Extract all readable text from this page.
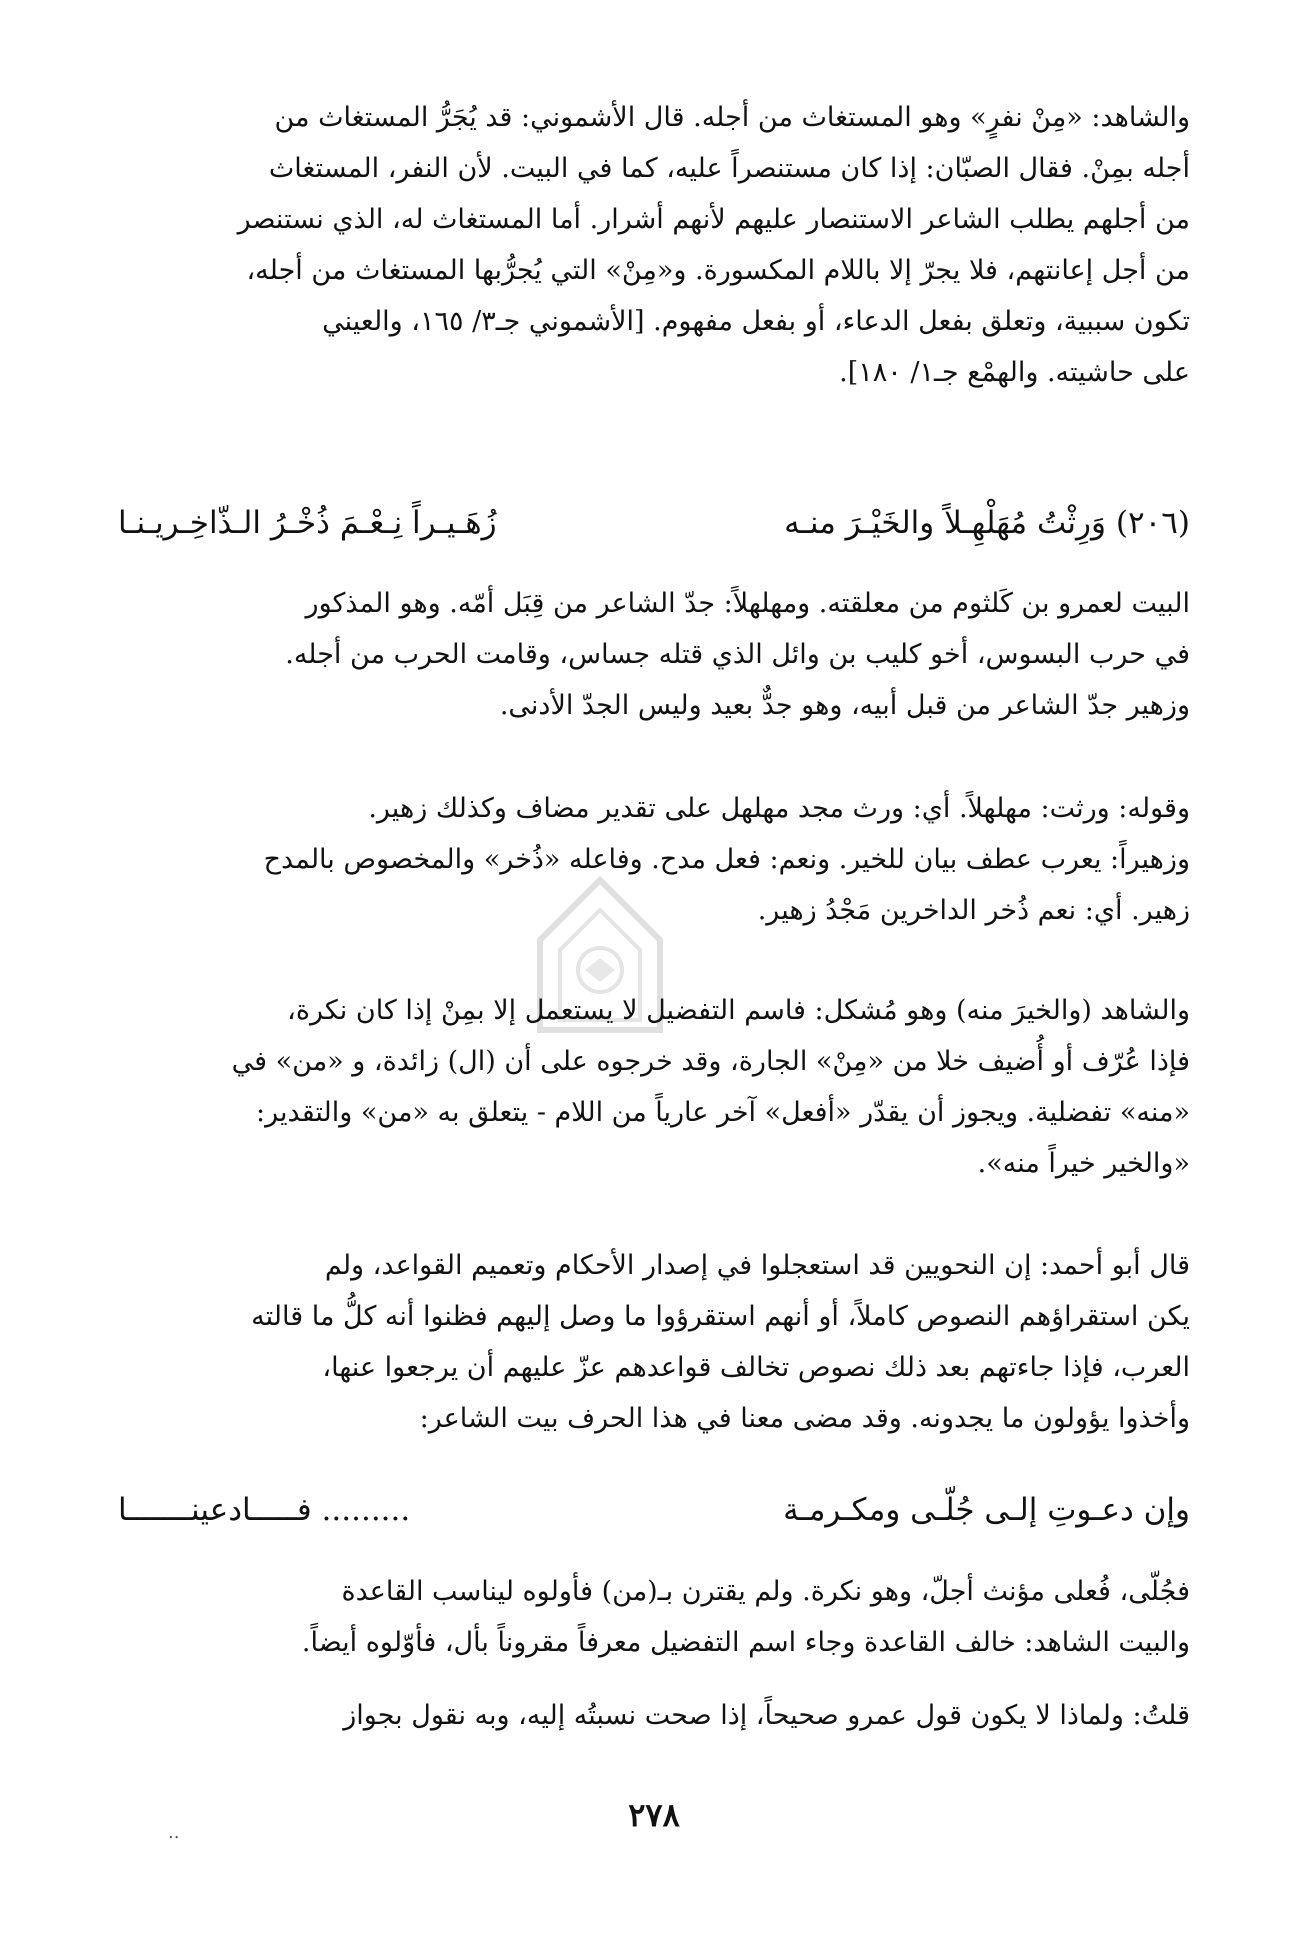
والشاهد: «مِنْ نفرٍ» وهو المستغاث من أجله. قال الأشموني: قد يُجَرُّ المستغاث من

أجله بمِنْ. فقال الصبّان: إذا كان مستنصراً عليه، كما في البيت. لأن النفر، المستغاث

من أجلهم يطلب الشاعر الاستنصار عليهم لأنهم أشرار. أما المستغاث له، الذي نستنصر

من أجل إعانتهم، فلا يجرّ إلا باللام المكسورة. و«مِنْ» التي يُجرُّبها المستغاث من أجله،

تكون سببية، وتعلق بفعل الدعاء، أو بفعل مفهوم. [الأشموني جـ٣/ ١٦٥، والعيني

على حاشيته. والهمْع جـ١/ ١٨٠].

(٢٠٦) وَرِثْتُ مُهَلْهِـلاً والخَيْـرَ منـه
زُهَـيـراً نِـعْـمَ ذُخْـرُ الـذّاخِـريـنـا

البيت لعمرو بن كَلثوم من معلقته. ومهلهلاً: جدّ الشاعر من قِبَل أمّه. وهو المذكور

في حرب البسوس، أخو كليب بن وائل الذي قتله جساس، وقامت الحرب من أجله.

وزهير جدّ الشاعر من قبل أبيه، وهو جدٌّ بعيد وليس الجدّ الأدنى.

وقوله: ورثت: مهلهلاً. أي: ورث مجد مهلهل على تقدير مضاف وكذلك زهير.

وزهيراً: يعرب عطف بيان للخير. ونعم: فعل مدح. وفاعله «ذُخر» والمخصوص بالمدح

زهير. أي: نعم ذُخر الداخرين مَجْدُ زهير.

والشاهد (والخيرَ منه) وهو مُشكل: فاسم التفضيل لا يستعمل إلا بمِنْ إذا كان نكرة،

فإذا عُرّف أو أُضيف خلا من «مِنْ» الجارة، وقد خرجوه على أن (ال) زائدة، و «من» في

«منه» تفضلية. ويجوز أن يقدّر «أفعل» آخر عارياً من اللام - يتعلق به «من» والتقدير:

«والخير خيراً منه».

قال أبو أحمد: إن النحويين قد استعجلوا في إصدار الأحكام وتعميم القواعد، ولم

يكن استقراؤهم النصوص كاملاً، أو أنهم استقرؤوا ما وصل إليهم فظنوا أنه كلُّ ما قالته

العرب، فإذا جاءتهم بعد ذلك نصوص تخالف قواعدهم عزّ عليهم أن يرجعوا عنها،

وأخذوا يؤولون ما يجدونه. وقد مضى معنا في هذا الحرف بيت الشاعر:

وإن دعـوتِ إلـى جُلّـى ومكـرمـة
......... فـــــادعينـــــــا

فجُلّى، فُعلى مؤنث أجلّ، وهو نكرة. ولم يقترن بـ(من) فأولوه ليناسب القاعدة

والبيت الشاهد: خالف القاعدة وجاء اسم التفضيل معرفاً مقروناً بأل، فأوّلوه أيضاً.

قلتُ: ولماذا لا يكون قول عمرو صحيحاً، إذا صحت نسبتُه إليه، وبه نقول بجواز

..	٢٧٨
